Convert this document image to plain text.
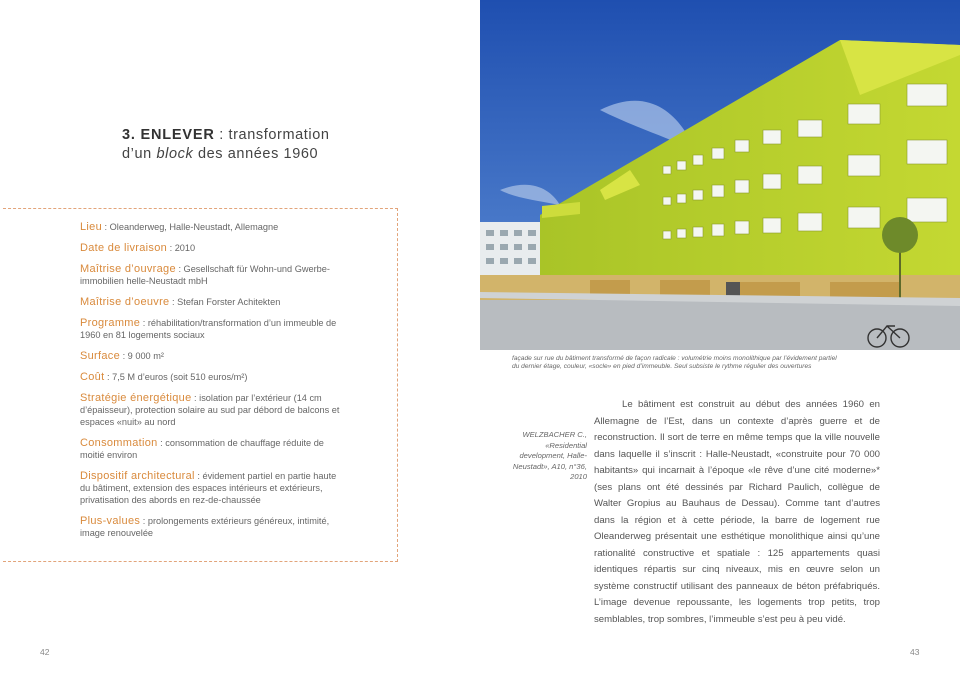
3. ENLEVER : transformation
d’un block des années 1960

Lieu : Oleanderweg, Halle-Neustadt, Allemagne

Date de livraison : 2010

Maîtrise d’ouvrage : Gesellschaft für Wohn-und Gwerbe-immobilien helle-Neustadt mbH

Maîtrise d’oeuvre : Stefan Forster Achitekten

Programme : réhabilitation/transformation d’un immeuble de 1960 en 81 logements sociaux

Surface : 9 000 m²

Coût : 7,5 M d’euros (soit 510 euros/m²)

Stratégie énergétique : isolation par l’extérieur (14 cm d’épaisseur), protection solaire au sud par débord de balcons et espaces «nuit» au nord

Consommation : consommation de chauffage réduite de moitié environ

Dispositif architectural : évidement partiel en partie haute du bâtiment, extension des espaces intérieurs et extérieurs, privatisation des abords en rez-de-chaussée

Plus-values : prolongements extérieurs généreux, intimité, image renouvelée

42

façade sur rue du bâtiment transformé de façon radicale : volumétrie moins monolithique par l’évidement partiel du dernier étage, couleur, «socle» en pied d’immeuble. Seul subsiste le rythme régulier des ouvertures

WELZBACHER C., «Residential development, Halle-Neustadt», A10, n°36, 2010

Le bâtiment est construit au début des années 1960 en Allemagne de l’Est, dans un contexte d’après guerre et de reconstruction. Il sort de terre en même temps que la ville nouvelle dans laquelle il s’inscrit : Halle-Neustadt, «construite pour 70 000 habitants» qui incarnait à l’époque «le rêve d’une cité moderne»* (ses plans ont été dessinés par Richard Paulich, collègue de Walter Gropius au Bauhaus de Dessau). Comme tant d’autres dans la région et à cette période, la barre de logement rue Oleanderweg présentait une esthétique monolithique ainsi qu’une rationalité constructive et spatiale : 125 appartements quasi identiques répartis sur cinq niveaux, mis en œuvre selon un système constructif utilisant des panneaux de béton préfabriqués. L’image devenue repoussante, les logements trop petits, trop semblables, trop sombres, l’immeuble s’est peu à peu vidé.

43
